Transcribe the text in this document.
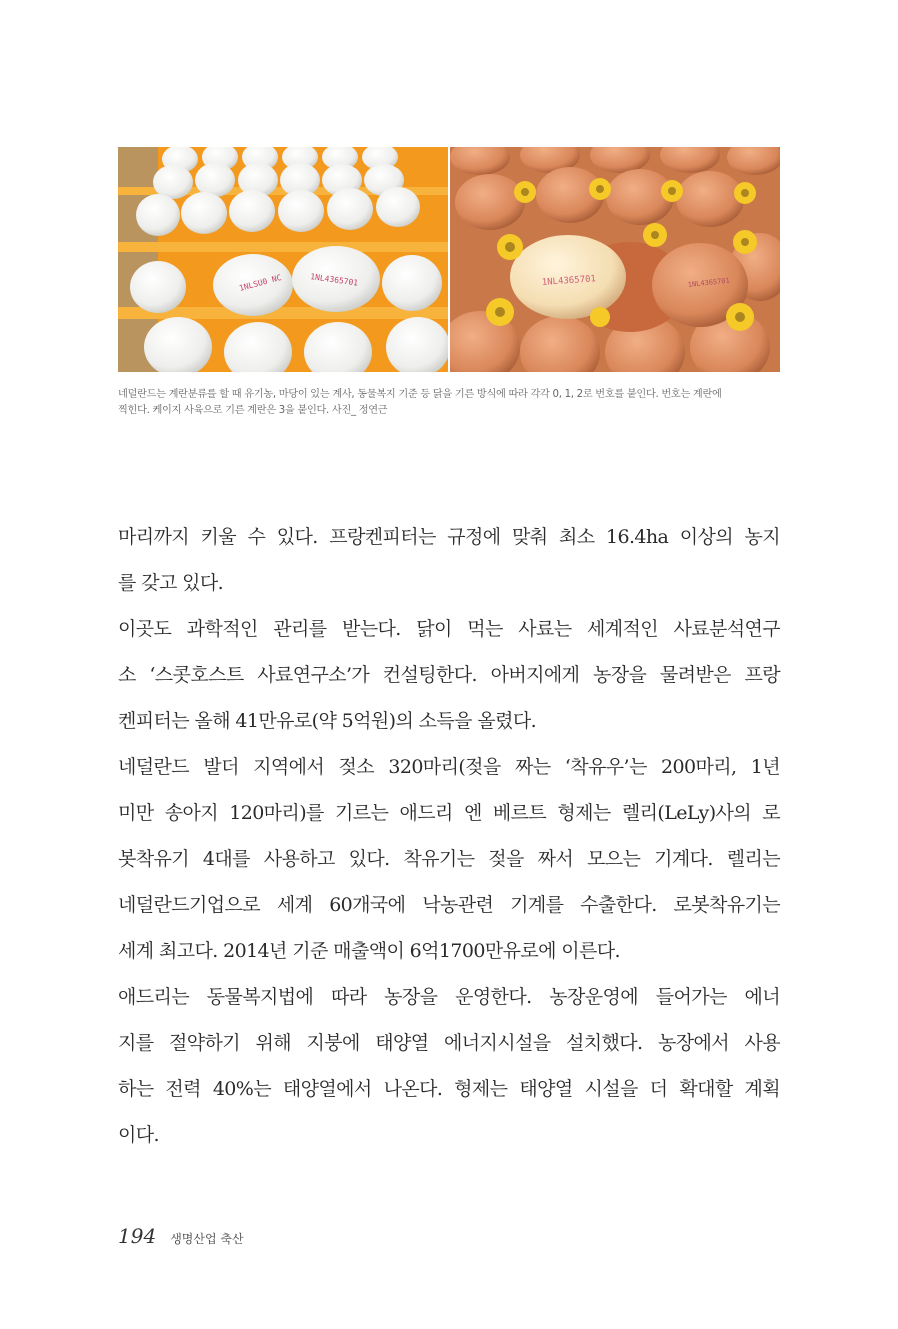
1NLSU0 NC	1NL4365701	1NL4365701	1NL4365701

네덜란드는 계란분류를 할 때 유기농, 마당이 있는 계사, 동물복지 기준 등 닭을 기른 방식에 따라 각각 0, 1, 2로 번호를 붙인다. 번호는 계란에

찍힌다. 케이지 사육으로 기른 계란은 3을 붙인다. 사진_ 정연근

마리까지 키울 수 있다. 프랑켄피터는 규정에 맞춰 최소 16.4ha 이상의 농지
를 갖고 있다.
이곳도 과학적인 관리를 받는다. 닭이 먹는 사료는 세계적인 사료분석연구
소 ‘스콧호스트 사료연구소’가 컨설팅한다. 아버지에게 농장을 물려받은 프랑
켄피터는 올해 41만유로(약 5억원)의 소득을 올렸다.
네덜란드 발더 지역에서 젖소 320마리(젖을 짜는 ‘착유우’는 200마리, 1년
미만 송아지 120마리)를 기르는 애드리 엔 베르트 형제는 렐리(LeLy)사의 로
봇착유기 4대를 사용하고 있다. 착유기는 젖을 짜서 모으는 기계다. 렐리는
네덜란드기업으로 세계 60개국에 낙농관련 기계를 수출한다. 로봇착유기는
세계 최고다. 2014년 기준 매출액이 6억1700만유로에 이른다.
애드리는 동물복지법에 따라 농장을 운영한다. 농장운영에 들어가는 에너
지를 절약하기 위해 지붕에 태양열 에너지시설을 설치했다. 농장에서 사용
하는 전력 40%는 태양열에서 나온다. 형제는 태양열 시설을 더 확대할 계획
이다.
194 생명산업 축산
